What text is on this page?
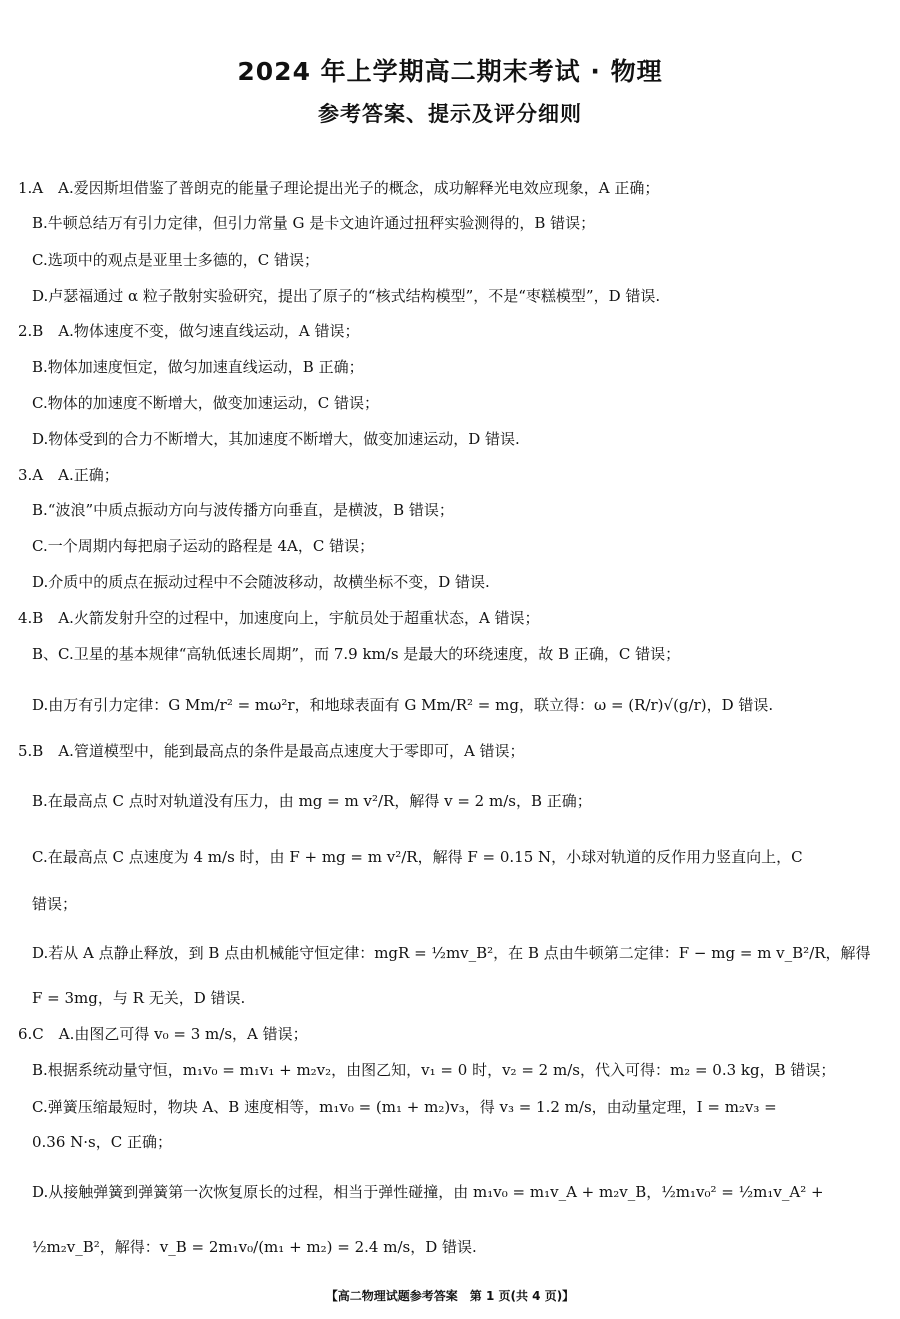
2024 年上学期高二期末考试 · 物理
参考答案、提示及评分细则
1.A　A.爱因斯坦借鉴了普朗克的能量子理论提出光子的概念，成功解释光电效应现象，A 正确；
B.牛顿总结万有引力定律，但引力常量 G 是卡文迪许通过扭秤实验测得的，B 错误；
C.选项中的观点是亚里士多德的，C 错误；
D.卢瑟福通过 α 粒子散射实验研究，提出了原子的“核式结构模型”，不是“枣糕模型”，D 错误.
2.B　A.物体速度不变，做匀速直线运动，A 错误；
B.物体加速度恒定，做匀加速直线运动，B 正确；
C.物体的加速度不断增大，做变加速运动，C 错误；
D.物体受到的合力不断增大，其加速度不断增大，做变加速运动，D 错误.
3.A　A.正确；
B.“波浪”中质点振动方向与波传播方向垂直，是横波，B 错误；
C.一个周期内每把扇子运动的路程是 4A，C 错误；
D.介质中的质点在振动过程中不会随波移动，故横坐标不变，D 错误.
4.B　A.火箭发射升空的过程中，加速度向上，宇航员处于超重状态，A 错误；
B、C.卫星的基本规律“高轨低速长周期”，而 7.9 km/s 是最大的环绕速度，故 B 正确，C 错误；
D.由万有引力定律：G Mm/r² = mω²r，和地球表面有 G Mm/R² = mg，联立得：ω = (R/r)√(g/r)，D 错误.
5.B　A.管道模型中，能到最高点的条件是最高点速度大于零即可，A 错误；
B.在最高点 C 点时对轨道没有压力，由 mg = m v²/R，解得 v = 2 m/s，B 正确；
C.在最高点 C 点速度为 4 m/s 时，由 F + mg = m v²/R，解得 F = 0.15 N，小球对轨道的反作用力竖直向上，C
错误；
D.若从 A 点静止释放，到 B 点由机械能守恒定律：mgR = ½mv_B²，在 B 点由牛顿第二定律：F − mg = m v_B²/R，解得
F = 3mg，与 R 无关，D 错误.
6.C　A.由图乙可得 v₀ = 3 m/s，A 错误；
B.根据系统动量守恒，m₁v₀ = m₁v₁ + m₂v₂，由图乙知，v₁ = 0 时，v₂ = 2 m/s，代入可得：m₂ = 0.3 kg，B 错误；
C.弹簧压缩最短时，物块 A、B 速度相等，m₁v₀ = (m₁ + m₂)v₃，得 v₃ = 1.2 m/s，由动量定理，I = m₂v₃ =
0.36 N·s，C 正确；
D.从接触弹簧到弹簧第一次恢复原长的过程，相当于弹性碰撞，由 m₁v₀ = m₁v_A + m₂v_B，½m₁v₀² = ½m₁v_A² +
½m₂v_B²，解得：v_B = 2m₁v₀/(m₁ + m₂) = 2.4 m/s，D 错误.
【高二物理试题参考答案　第 1 页(共 4 页)】
